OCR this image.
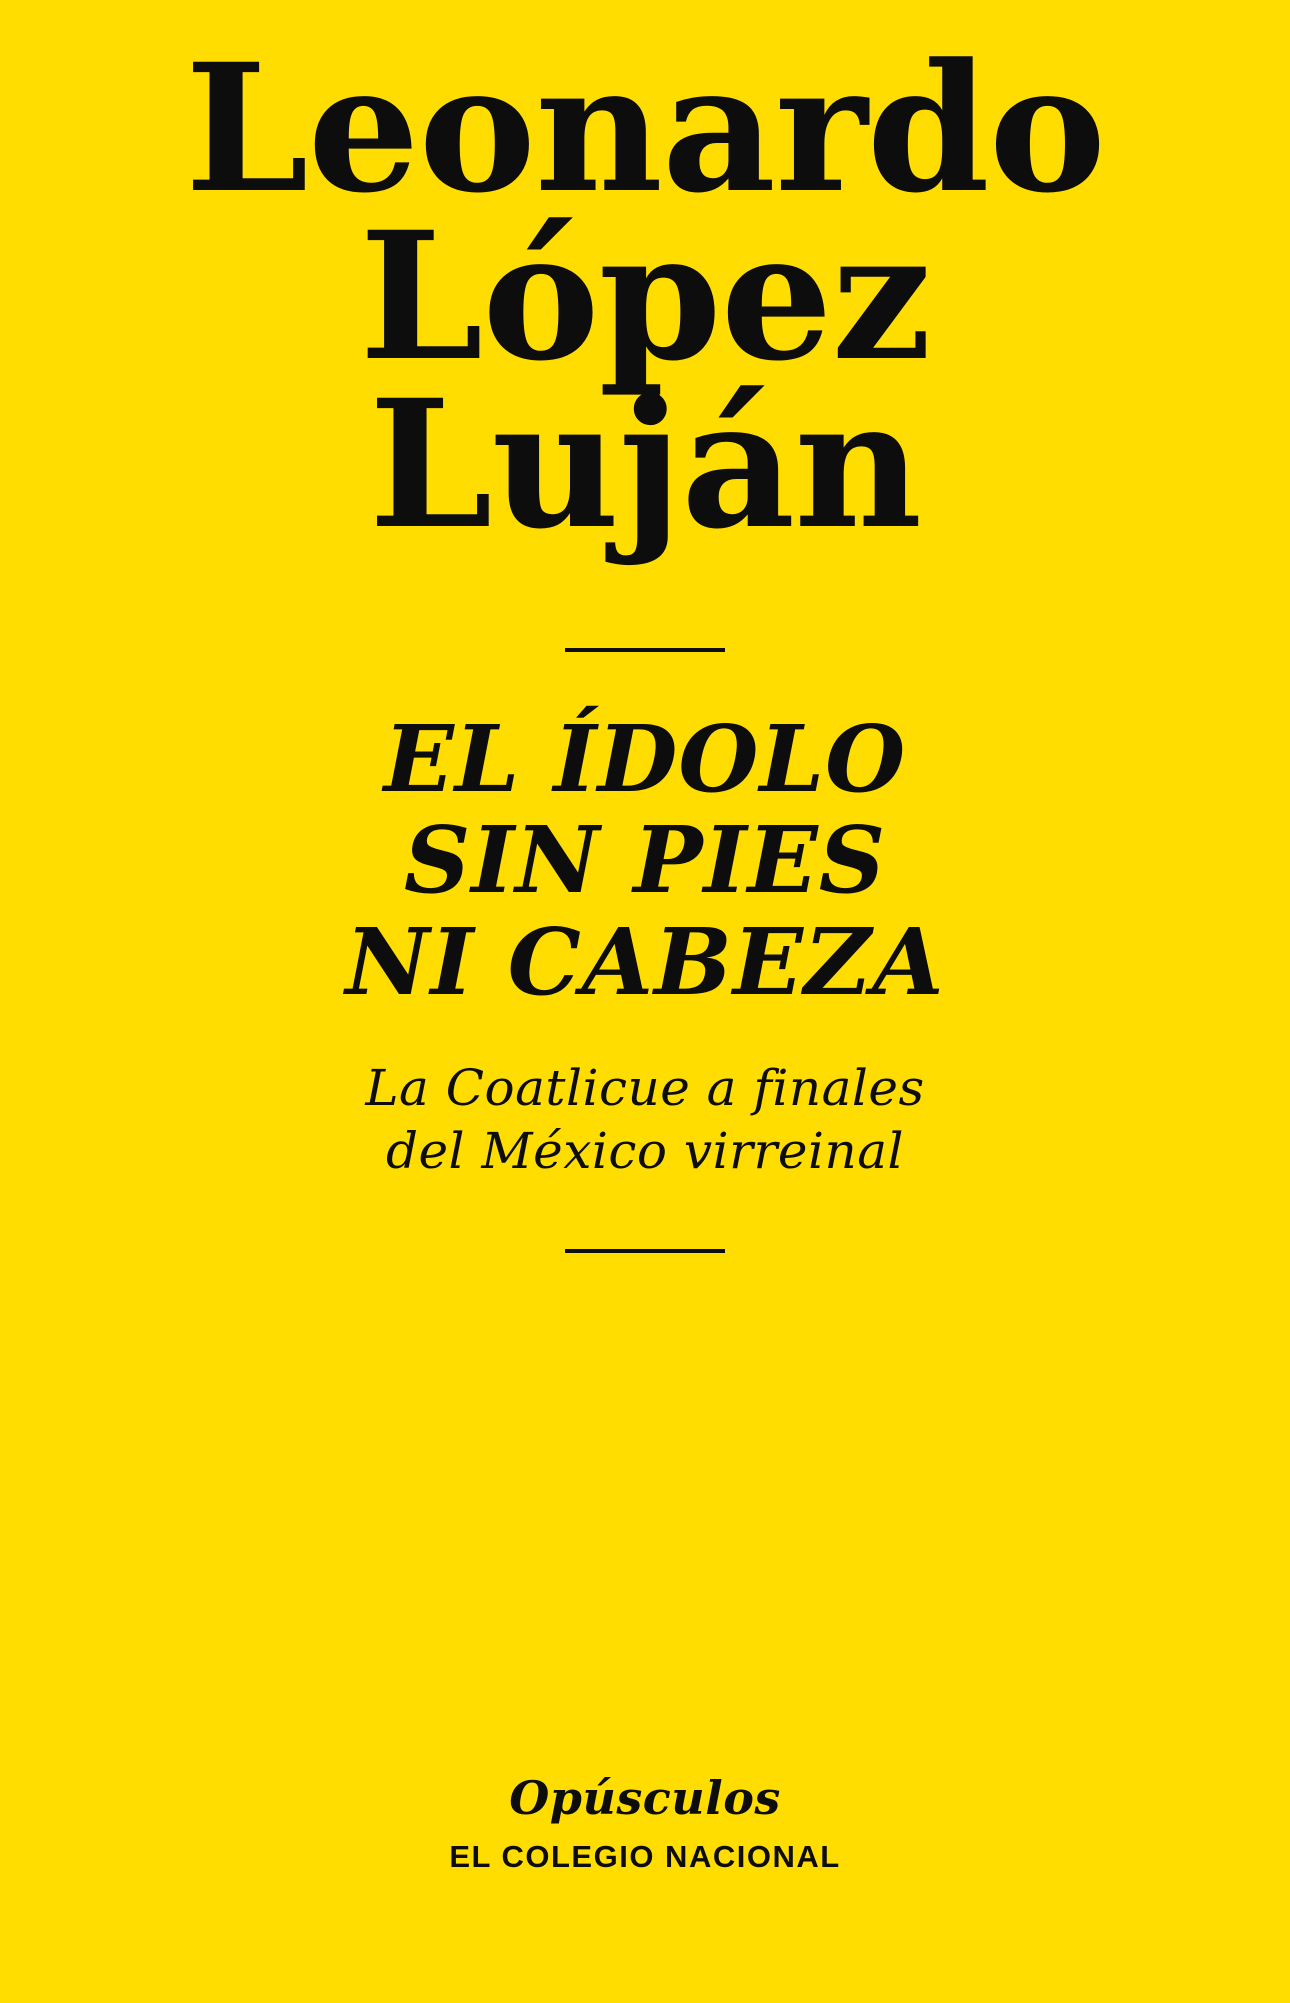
Leonardo
López
Luján
EL ÍDOLO
SIN PIES
NI CABEZA
La Coatlicue a finales
del México virreinal
Opúsculos
EL COLEGIO NACIONAL
